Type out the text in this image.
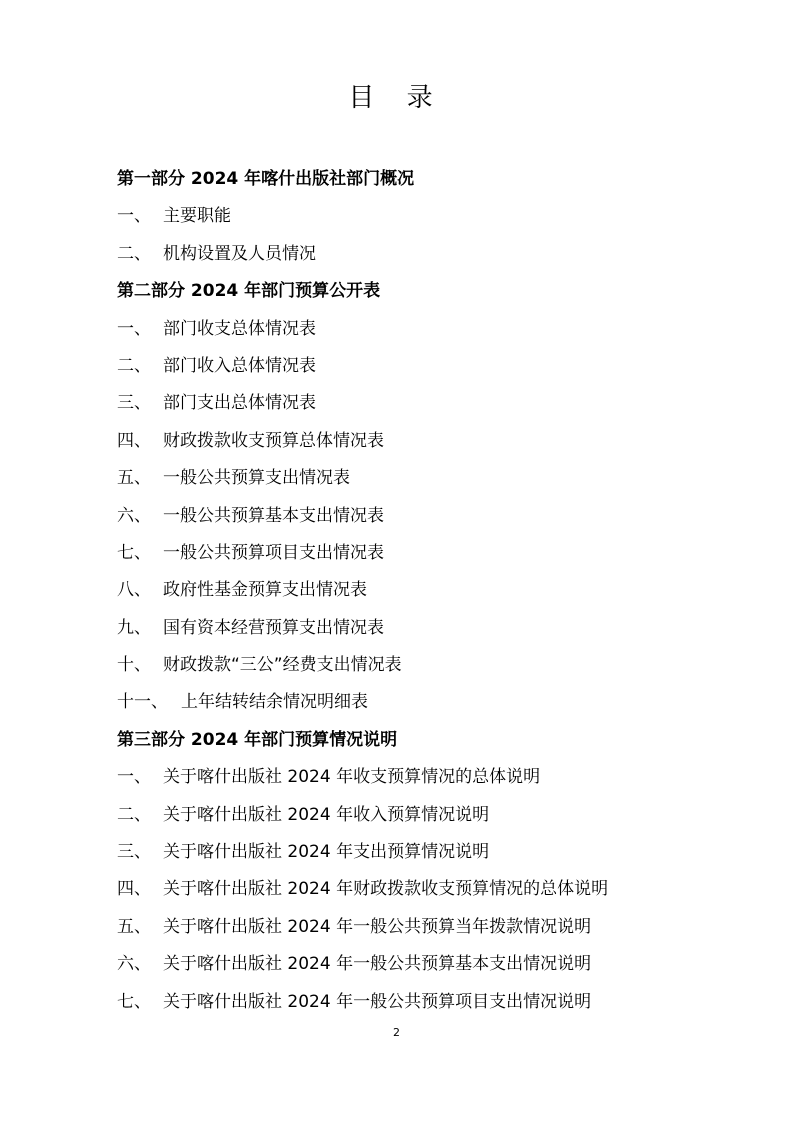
目 录
第一部分 2024 年喀什出版社部门概况
一、 主要职能
二、 机构设置及人员情况
第二部分 2024 年部门预算公开表
一、 部门收支总体情况表
二、 部门收入总体情况表
三、 部门支出总体情况表
四、 财政拨款收支预算总体情况表
五、 一般公共预算支出情况表
六、 一般公共预算基本支出情况表
七、 一般公共预算项目支出情况表
八、 政府性基金预算支出情况表
九、 国有资本经营预算支出情况表
十、 财政拨款“三公”经费支出情况表
十一、 上年结转结余情况明细表
第三部分 2024 年部门预算情况说明
一、 关于喀什出版社 2024 年收支预算情况的总体说明
二、 关于喀什出版社 2024 年收入预算情况说明
三、 关于喀什出版社 2024 年支出预算情况说明
四、 关于喀什出版社 2024 年财政拨款收支预算情况的总体说明
五、 关于喀什出版社 2024 年一般公共预算当年拨款情况说明
六、 关于喀什出版社 2024 年一般公共预算基本支出情况说明
七、 关于喀什出版社 2024 年一般公共预算项目支出情况说明
2
